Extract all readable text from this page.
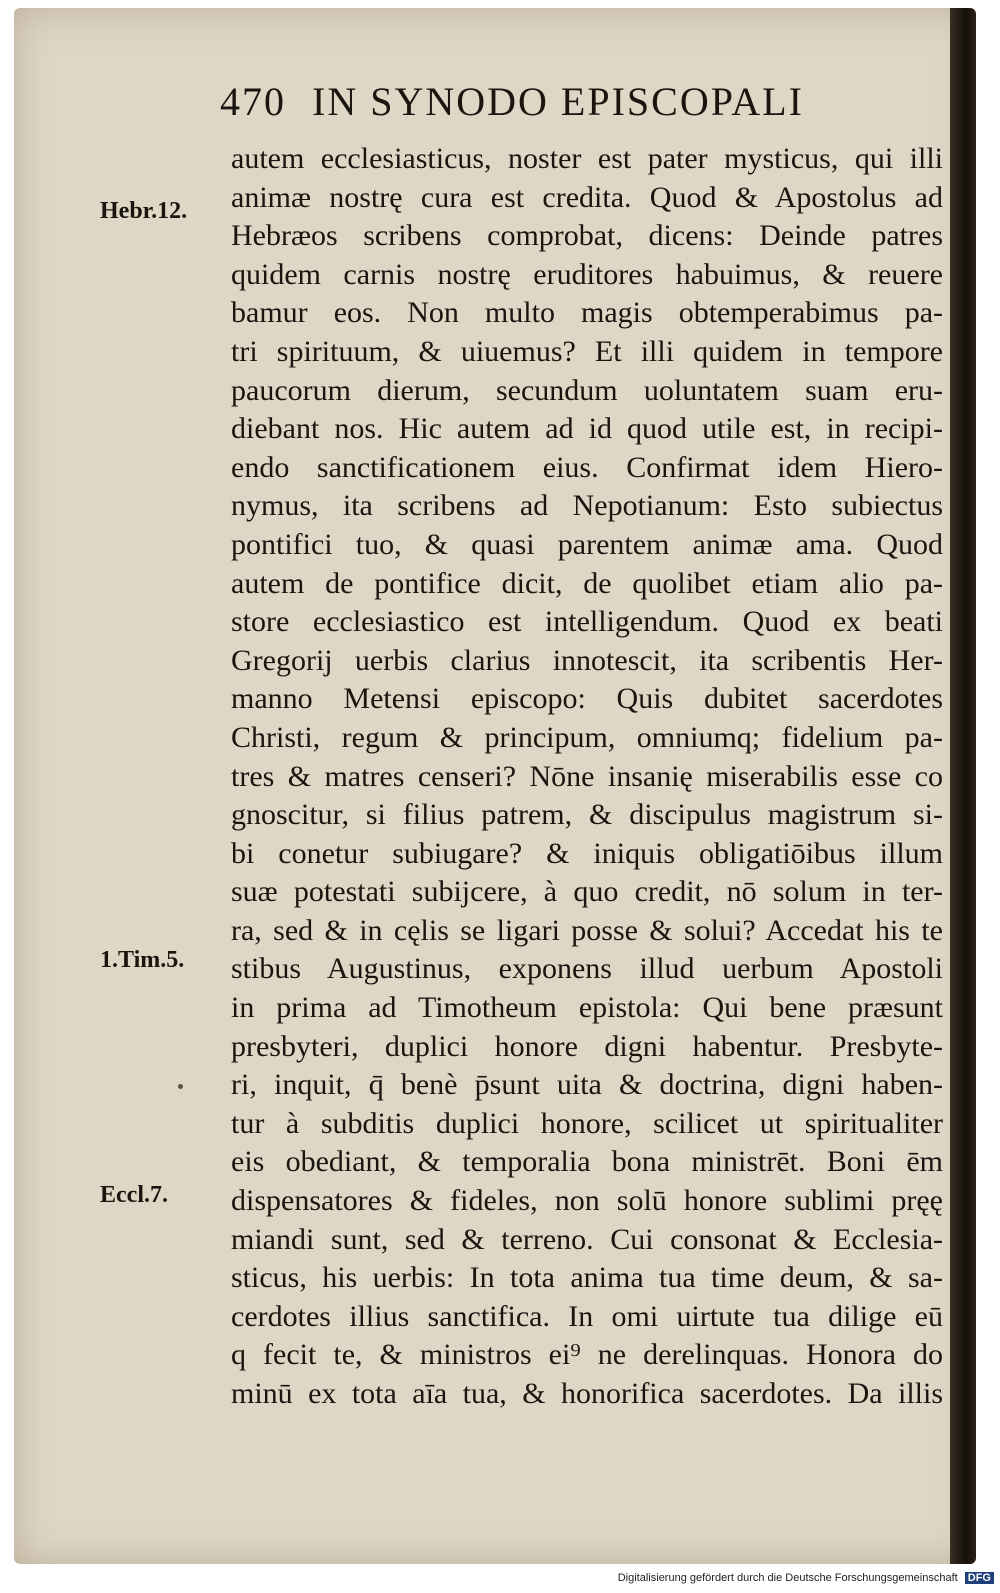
470 IN SYNODO EPISCOPALI
Hebr.12.
1.Tim.5.
Eccl.7.
autem ecclesiasticus, noster est pater mysticus, qui illi
animæ nostrę cura est credita. Quod & Apostolus ad
Hebræos scribens comprobat, dicens: Deinde patres
quidem carnis nostrę eruditores habuimus, & reuere
bamur eos. Non multo magis obtemperabimus pa-
tri spirituum, & uiuemus? Et illi quidem in tempore
paucorum dierum, secundum uoluntatem suam eru-
diebant nos. Hic autem ad id quod utile est, in recipi-
endo sanctificationem eius. Confirmat idem Hiero-
nymus, ita scribens ad Nepotianum: Esto subiectus
pontifici tuo, & quasi parentem animæ ama. Quod
autem de pontifice dicit, de quolibet etiam alio pa-
store ecclesiastico est intelligendum. Quod ex beati
Gregorij uerbis clarius innotescit, ita scribentis Her-
manno Metensi episcopo: Quis dubitet sacerdotes
Christi, regum & principum, omniumq; fidelium pa-
tres & matres censeri? Nōne insanię miserabilis esse co
gnoscitur, si filius patrem, & discipulus magistrum si-
bi conetur subiugare? & iniquis obligatiōibus illum
suæ potestati subijcere, à quo credit, nō solum in ter-
ra, sed & in cęlis se ligari posse & solui? Accedat his te
stibus Augustinus, exponens illud uerbum Apostoli
in prima ad Timotheum epistola: Qui bene præsunt
presbyteri, duplici honore digni habentur. Presbyte-
ri, inquit, q̄ benè p̄sunt uita & doctrina, digni haben-
tur à subditis duplici honore, scilicet ut spiritualiter
eis obediant, & temporalia bona ministrēt. Boni ēm
dispensatores & fideles, non solū honore sublimi pręę
miandi sunt, sed & terreno. Cui consonat & Ecclesia-
sticus, his uerbis: In tota anima tua time deum, & sa-
cerdotes illius sanctifica. In omi uirtute tua dilige eū
q fecit te, & ministros ei⁹ ne derelinquas. Honora do
minū ex tota aīa tua, & honorifica sacerdotes. Da illis
Digitalisierung gefördert durch die Deutsche Forschungsgemeinschaft DFG
